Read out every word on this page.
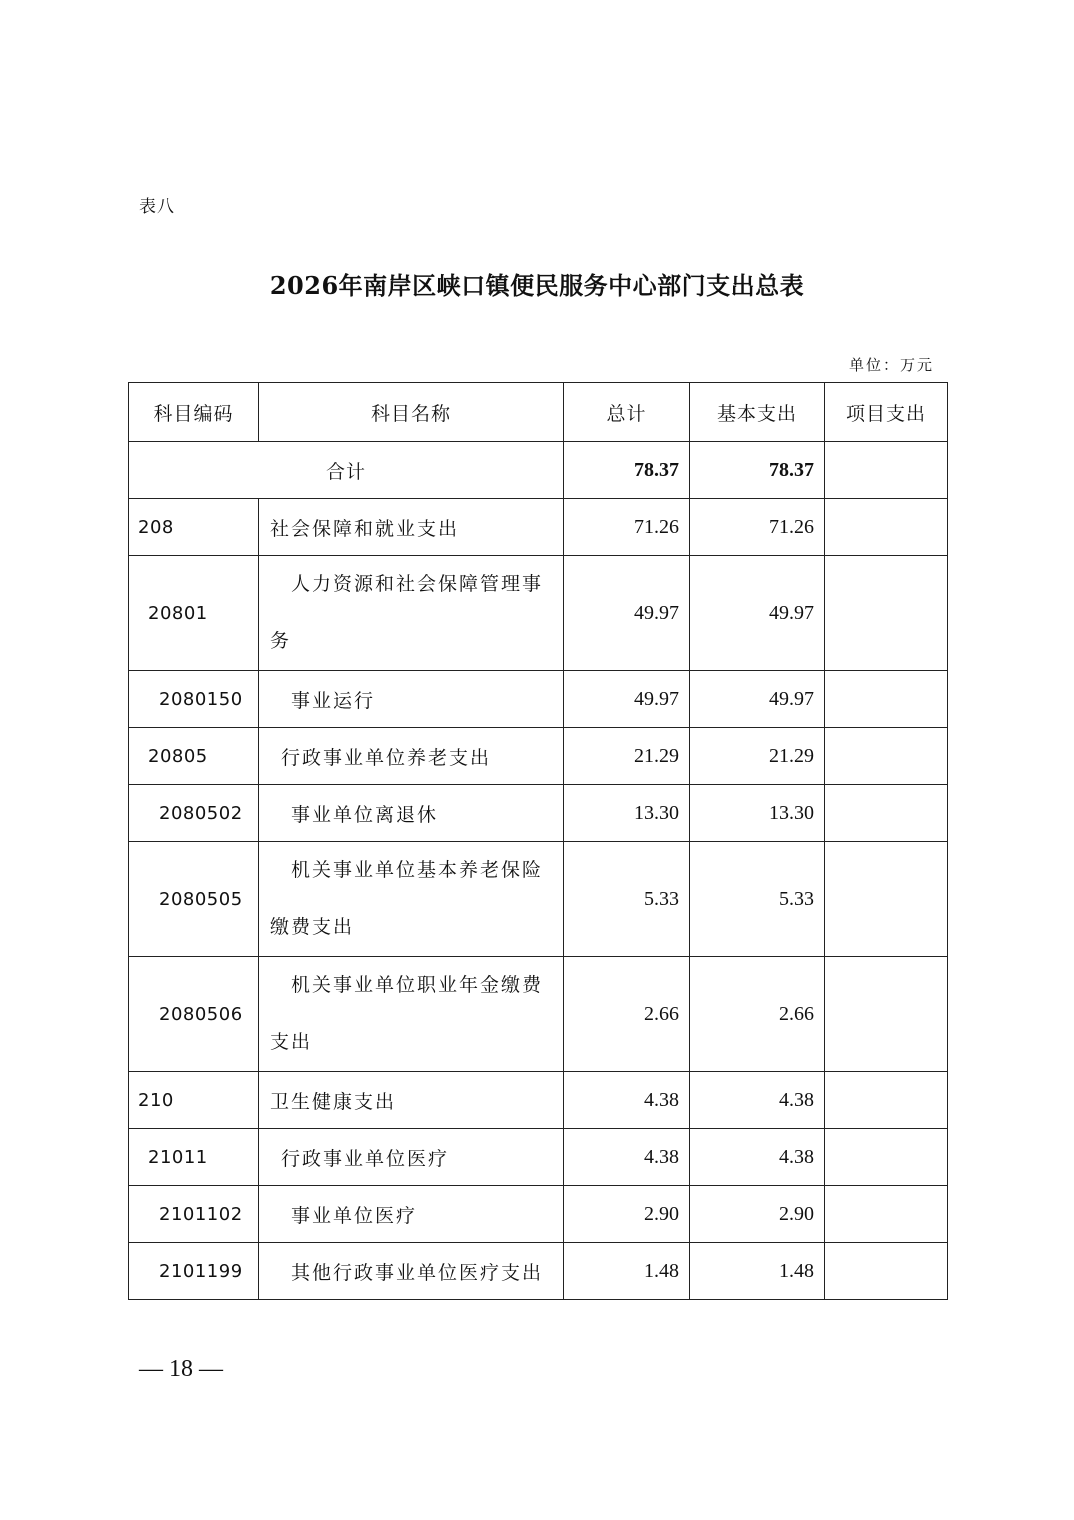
表八
2026年南岸区峡口镇便民服务中心部门支出总表
单位：万元
科目编码	科目名称	总计	基本支出	项目支出
合计		78.37	78.37	
208	社会保障和就业支出	71.26	71.26	
20801	人力资源和社会保障管理事
务	49.97	49.97	
2080150	事业运行	49.97	49.97	
20805	行政事业单位养老支出	21.29	21.29	
2080502	事业单位离退休	13.30	13.30	
2080505	机关事业单位基本养老保险
缴费支出	5.33	5.33	
2080506	机关事业单位职业年金缴费
支出	2.66	2.66	
210	卫生健康支出	4.38	4.38	
21011	行政事业单位医疗	4.38	4.38	
2101102	事业单位医疗	2.90	2.90	
2101199	其他行政事业单位医疗支出	1.48	1.48	
— 18 —
